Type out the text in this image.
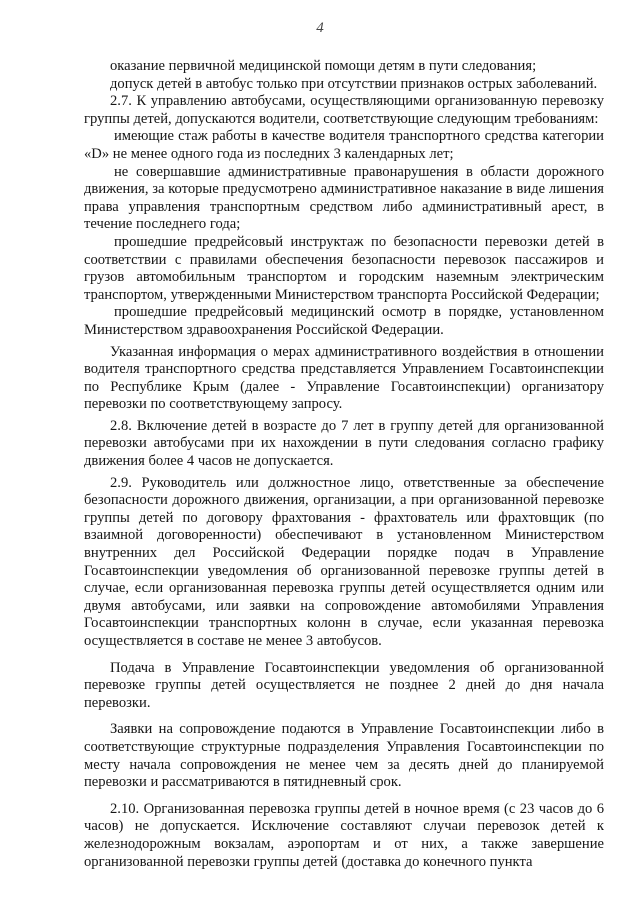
4

оказание первичной медицинской помощи детям в пути следования;

допуск детей в автобус только при отсутствии признаков острых заболеваний.

2.7. К управлению автобусами, осуществляющими организованную перевозку группы детей, допускаются водители, соответствующие следующим требованиям:

имеющие стаж работы в качестве водителя транспортного средства категории «D» не менее одного года из последних 3 календарных лет;

не совершавшие административные правонарушения в области дорожного движения, за которые предусмотрено административное наказание в виде лишения права управления транспортным средством либо административный арест, в течение последнего года;

прошедшие предрейсовый инструктаж по безопасности перевозки детей в соответствии с правилами обеспечения безопасности перевозок пассажиров и грузов автомобильным транспортом и городским наземным электрическим транспортом, утвержденными Министерством транспорта Российской Федерации;

прошедшие предрейсовый медицинский осмотр в порядке, установленном Министерством здравоохранения Российской Федерации.

Указанная информация о мерах административного воздействия в отношении водителя транспортного средства представляется Управлением Госавтоинспекции по Республике Крым (далее - Управление Госавтоинспекции) организатору перевозки по соответствующему запросу.

2.8. Включение детей в возрасте до 7 лет в группу детей для организованной перевозки автобусами при их нахождении в пути следования согласно графику движения более 4 часов не допускается.

2.9. Руководитель или должностное лицо, ответственные за обеспечение безопасности дорожного движения, организации, а при организованной перевозке группы детей по договору фрахтования - фрахтователь или фрахтовщик (по взаимной договоренности) обеспечивают в установленном Министерством внутренних дел Российской Федерации порядке подач в Управление Госавтоинспекции уведомления об организованной перевозке группы детей в случае, если организованная перевозка группы детей осуществляется одним или двумя автобусами, или заявки на сопровождение автомобилями Управления Госавтоинспекции транспортных колонн в случае, если указанная перевозка осуществляется в составе не менее 3 автобусов.

Подача в Управление Госавтоинспекции уведомления об организованной перевозке группы детей осуществляется не позднее 2 дней до дня начала перевозки.

Заявки на сопровождение подаются в Управление Госавтоинспекции либо в соответствующие структурные подразделения Управления Госавтоинспекции по месту начала сопровождения не менее чем за десять дней до планируемой перевозки и рассматриваются в пятидневный срок.

2.10. Организованная перевозка группы детей в ночное время (с 23 часов до 6 часов) не допускается. Исключение составляют случаи перевозок детей к железнодорожным вокзалам, аэропортам и от них, а также завершение организованной перевозки группы детей (доставка до конечного пункта
